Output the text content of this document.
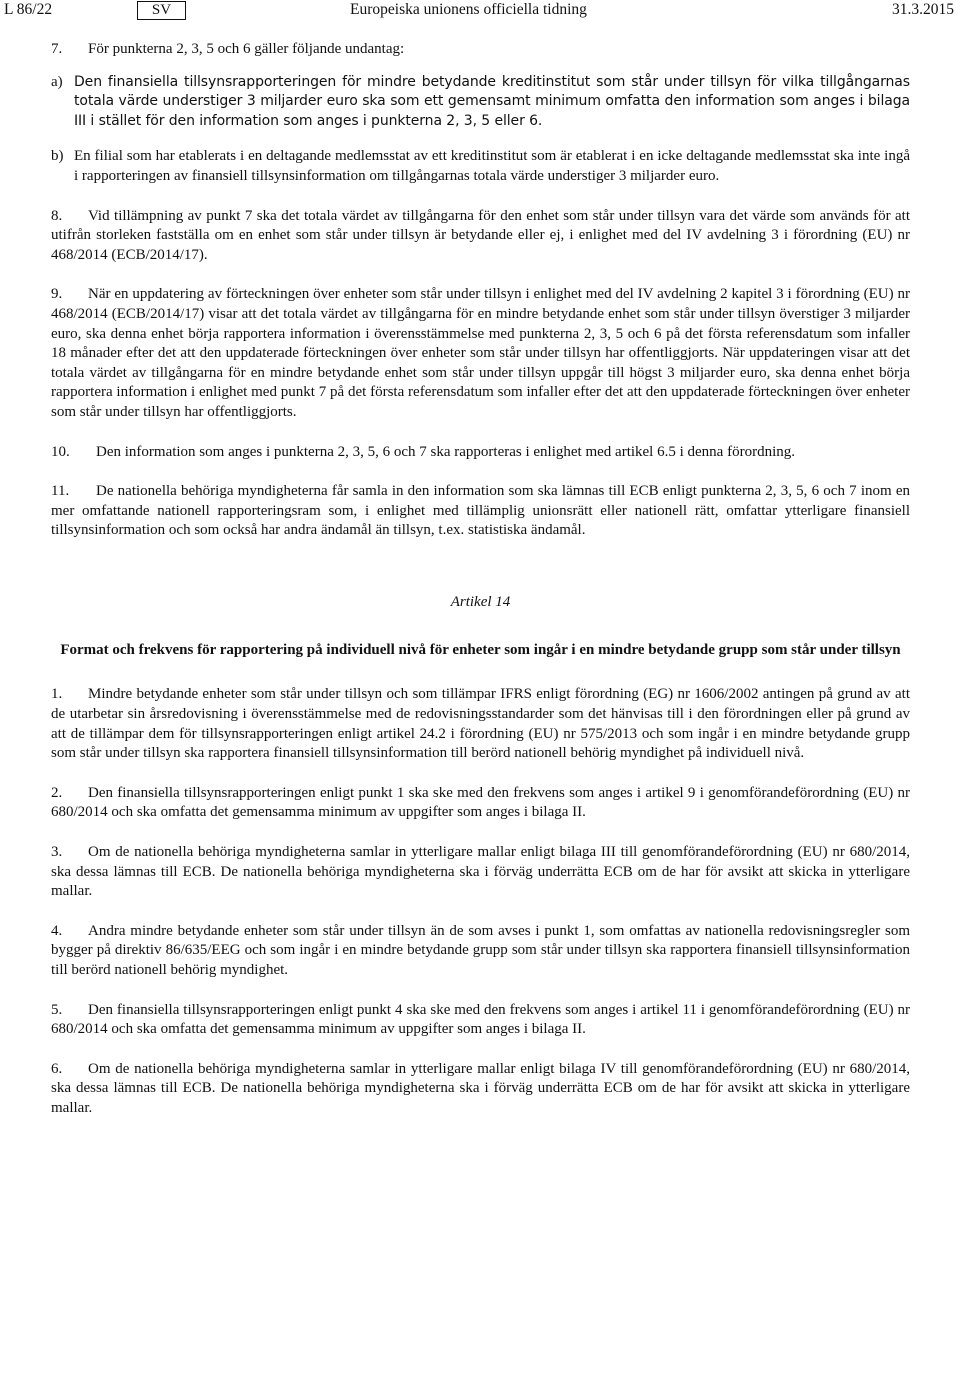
L 86/22	SV	Europeiska unionens officiella tidning	31.3.2015

7. För punkterna 2, 3, 5 och 6 gäller följande undantag:

a) Den finansiella tillsynsrapporteringen för mindre betydande kreditinstitut som står under tillsyn för vilka tillgångarnas totala värde understiger 3 miljarder euro ska som ett gemensamt minimum omfatta den information som anges i bilaga III i stället för den information som anges i punkterna 2, 3, 5 eller 6.
b) En filial som har etablerats i en deltagande medlemsstat av ett kreditinstitut som är etablerat i en icke deltagande medlemsstat ska inte ingå i rapporteringen av finansiell tillsynsinformation om tillgångarnas totala värde understiger 3 miljarder euro.

8. Vid tillämpning av punkt 7 ska det totala värdet av tillgångarna för den enhet som står under tillsyn vara det värde som används för att utifrån storleken fastställa om en enhet som står under tillsyn är betydande eller ej, i enlighet med del IV avdelning 3 i förordning (EU) nr 468/2014 (ECB/2014/17).

9. När en uppdatering av förteckningen över enheter som står under tillsyn i enlighet med del IV avdelning 2 kapitel 3 i förordning (EU) nr 468/2014 (ECB/2014/17) visar att det totala värdet av tillgångarna för en mindre betydande enhet som står under tillsyn överstiger 3 miljarder euro, ska denna enhet börja rapportera information i överensstämmelse med punkterna 2, 3, 5 och 6 på det första referensdatum som infaller 18 månader efter det att den uppdaterade förteckningen över enheter som står under tillsyn har offentliggjorts. När uppdateringen visar att det totala värdet av tillgångarna för en mindre betydande enhet som står under tillsyn uppgår till högst 3 miljarder euro, ska denna enhet börja rapportera information i enlighet med punkt 7 på det första referensdatum som infaller efter det att den uppdaterade förteckningen över enheter som står under tillsyn har offentliggjorts.

10. Den information som anges i punkterna 2, 3, 5, 6 och 7 ska rapporteras i enlighet med artikel 6.5 i denna förordning.

11. De nationella behöriga myndigheterna får samla in den information som ska lämnas till ECB enligt punkterna 2, 3, 5, 6 och 7 inom en mer omfattande nationell rapporteringsram som, i enlighet med tillämplig unionsrätt eller nationell rätt, omfattar ytterligare finansiell tillsynsinformation och som också har andra ändamål än tillsyn, t.ex. statistiska ändamål.

Artikel 14
Format och frekvens för rapportering på individuell nivå för enheter som ingår i en mindre betydande grupp som står under tillsyn

1. Mindre betydande enheter som står under tillsyn och som tillämpar IFRS enligt förordning (EG) nr 1606/2002 antingen på grund av att de utarbetar sin årsredovisning i överensstämmelse med de redovisningsstandarder som det hänvisas till i den förordningen eller på grund av att de tillämpar dem för tillsynsrapporteringen enligt artikel 24.2 i förordning (EU) nr 575/2013 och som ingår i en mindre betydande grupp som står under tillsyn ska rapportera finansiell tillsynsinformation till berörd nationell behörig myndighet på individuell nivå.

2. Den finansiella tillsynsrapporteringen enligt punkt 1 ska ske med den frekvens som anges i artikel 9 i genomförandeförordning (EU) nr 680/2014 och ska omfatta det gemensamma minimum av uppgifter som anges i bilaga II.

3. Om de nationella behöriga myndigheterna samlar in ytterligare mallar enligt bilaga III till genomförandeförordning (EU) nr 680/2014, ska dessa lämnas till ECB. De nationella behöriga myndigheterna ska i förväg underrätta ECB om de har för avsikt att skicka in ytterligare mallar.

4. Andra mindre betydande enheter som står under tillsyn än de som avses i punkt 1, som omfattas av nationella redovisningsregler som bygger på direktiv 86/635/EEG och som ingår i en mindre betydande grupp som står under tillsyn ska rapportera finansiell tillsynsinformation till berörd nationell behörig myndighet.

5. Den finansiella tillsynsrapporteringen enligt punkt 4 ska ske med den frekvens som anges i artikel 11 i genomförandeförordning (EU) nr 680/2014 och ska omfatta det gemensamma minimum av uppgifter som anges i bilaga II.

6. Om de nationella behöriga myndigheterna samlar in ytterligare mallar enligt bilaga IV till genomförandeförordning (EU) nr 680/2014, ska dessa lämnas till ECB. De nationella behöriga myndigheterna ska i förväg underrätta ECB om de har för avsikt att skicka in ytterligare mallar.
